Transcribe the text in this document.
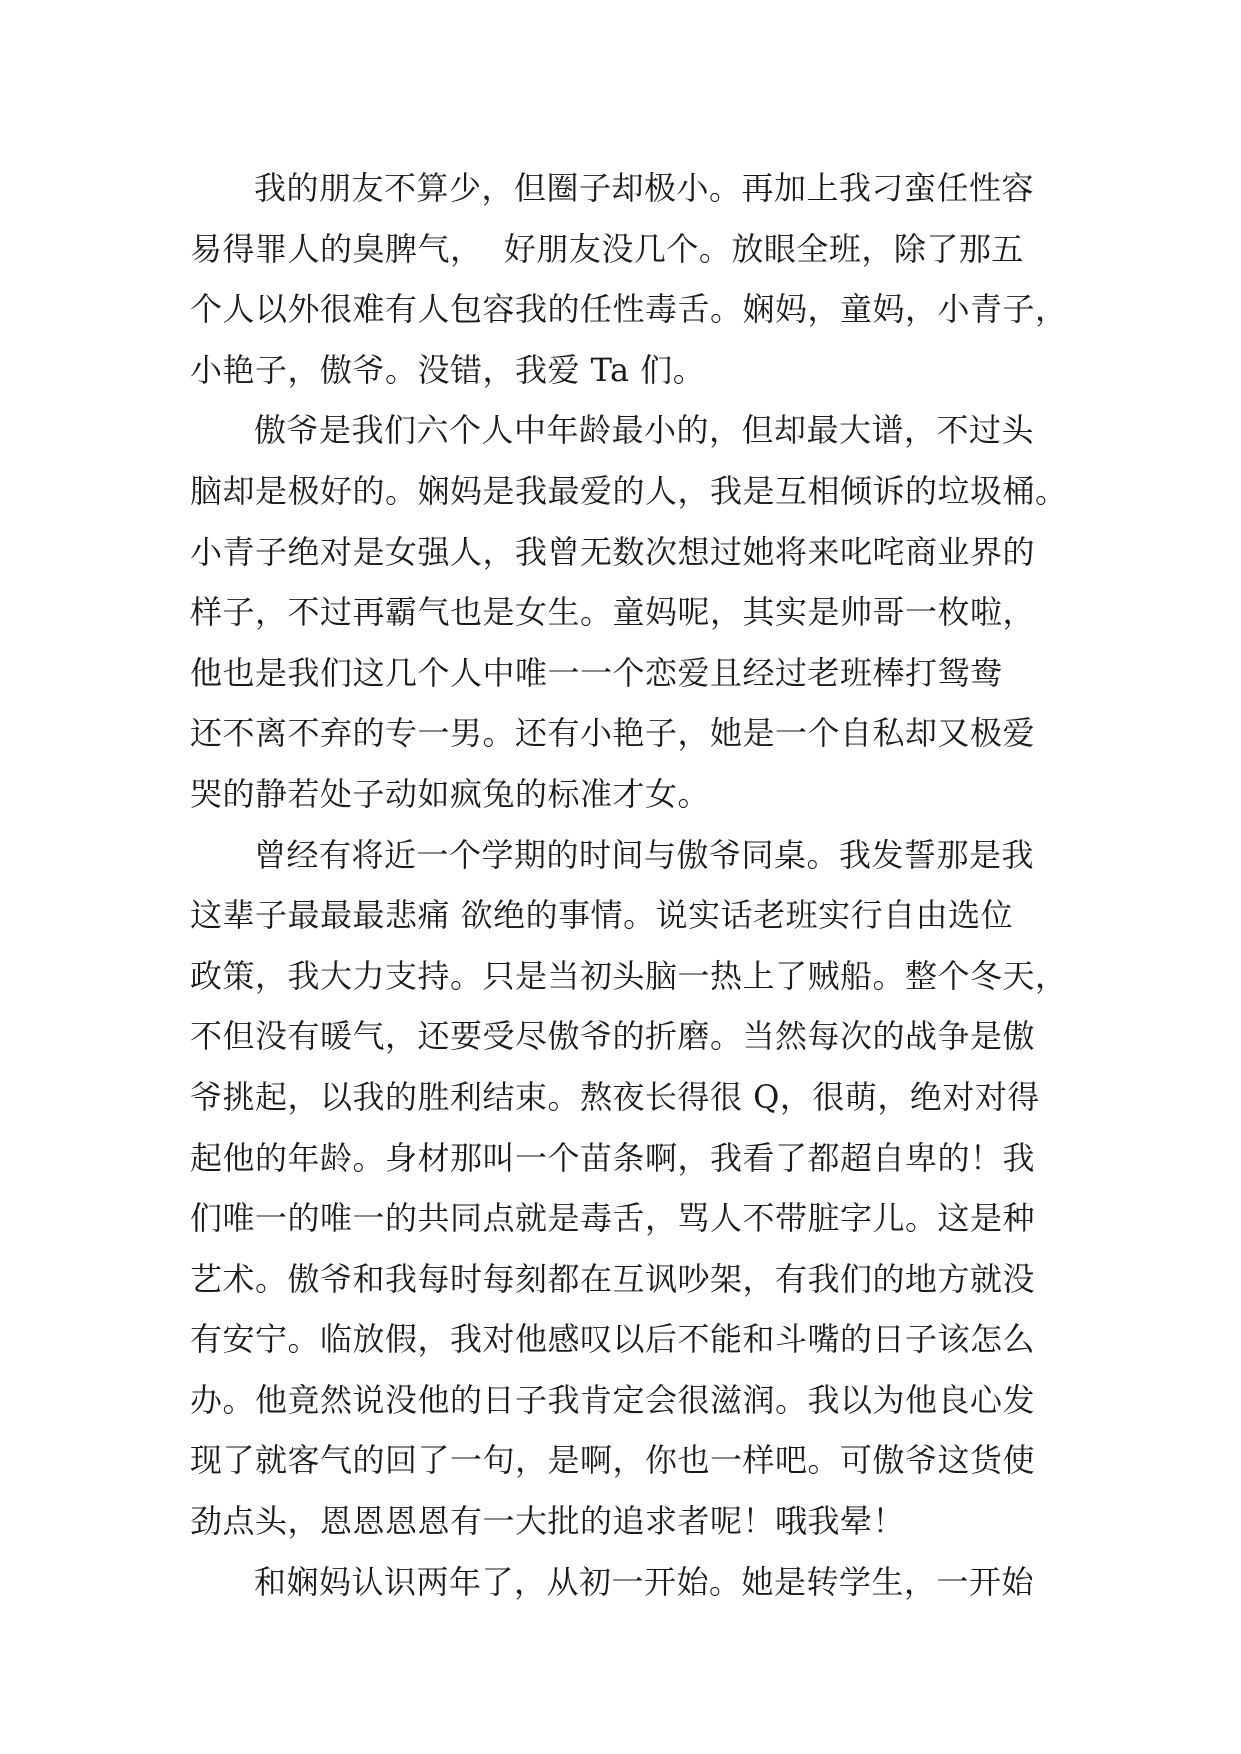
我的朋友不算少，但圈子却极小。再加上我刁蛮任性容
易得罪人的臭脾气，  好朋友没几个。放眼全班，除了那五
个人以外很难有人包容我的任性毒舌。娴妈，童妈，小青子，
小艳子，傲爷。没错，我爱 Ta 们。
傲爷是我们六个人中年龄最小的，但却最大谱，不过头
脑却是极好的。娴妈是我最爱的人，我是互相倾诉的垃圾桶。
小青子绝对是女强人，我曾无数次想过她将来叱咤商业界的
样子，不过再霸气也是女生。童妈呢，其实是帅哥一枚啦，
他也是我们这几个人中唯一一个恋爱且经过老班棒打鸳鸯
还不离不弃的专一男。还有小艳子，她是一个自私却又极爱
哭的静若处子动如疯兔的标准才女。
曾经有将近一个学期的时间与傲爷同桌。我发誓那是我
这辈子最最最悲痛 欲绝的事情。说实话老班实行自由选位
政策，我大力支持。只是当初头脑一热上了贼船。整个冬天，
不但没有暖气，还要受尽傲爷的折磨。当然每次的战争是傲
爷挑起，以我的胜利结束。熬夜长得很 Q，很萌，绝对对得
起他的年龄。身材那叫一个苗条啊，我看了都超自卑的！我
们唯一的唯一的共同点就是毒舌，骂人不带脏字儿。这是种
艺术。傲爷和我每时每刻都在互讽吵架，有我们的地方就没
有安宁。临放假，我对他感叹以后不能和斗嘴的日子该怎么
办。他竟然说没他的日子我肯定会很滋润。我以为他良心发
现了就客气的回了一句，是啊，你也一样吧。可傲爷这货使
劲点头，恩恩恩恩有一大批的追求者呢！哦我晕！
和娴妈认识两年了，从初一开始。她是转学生，一开始
